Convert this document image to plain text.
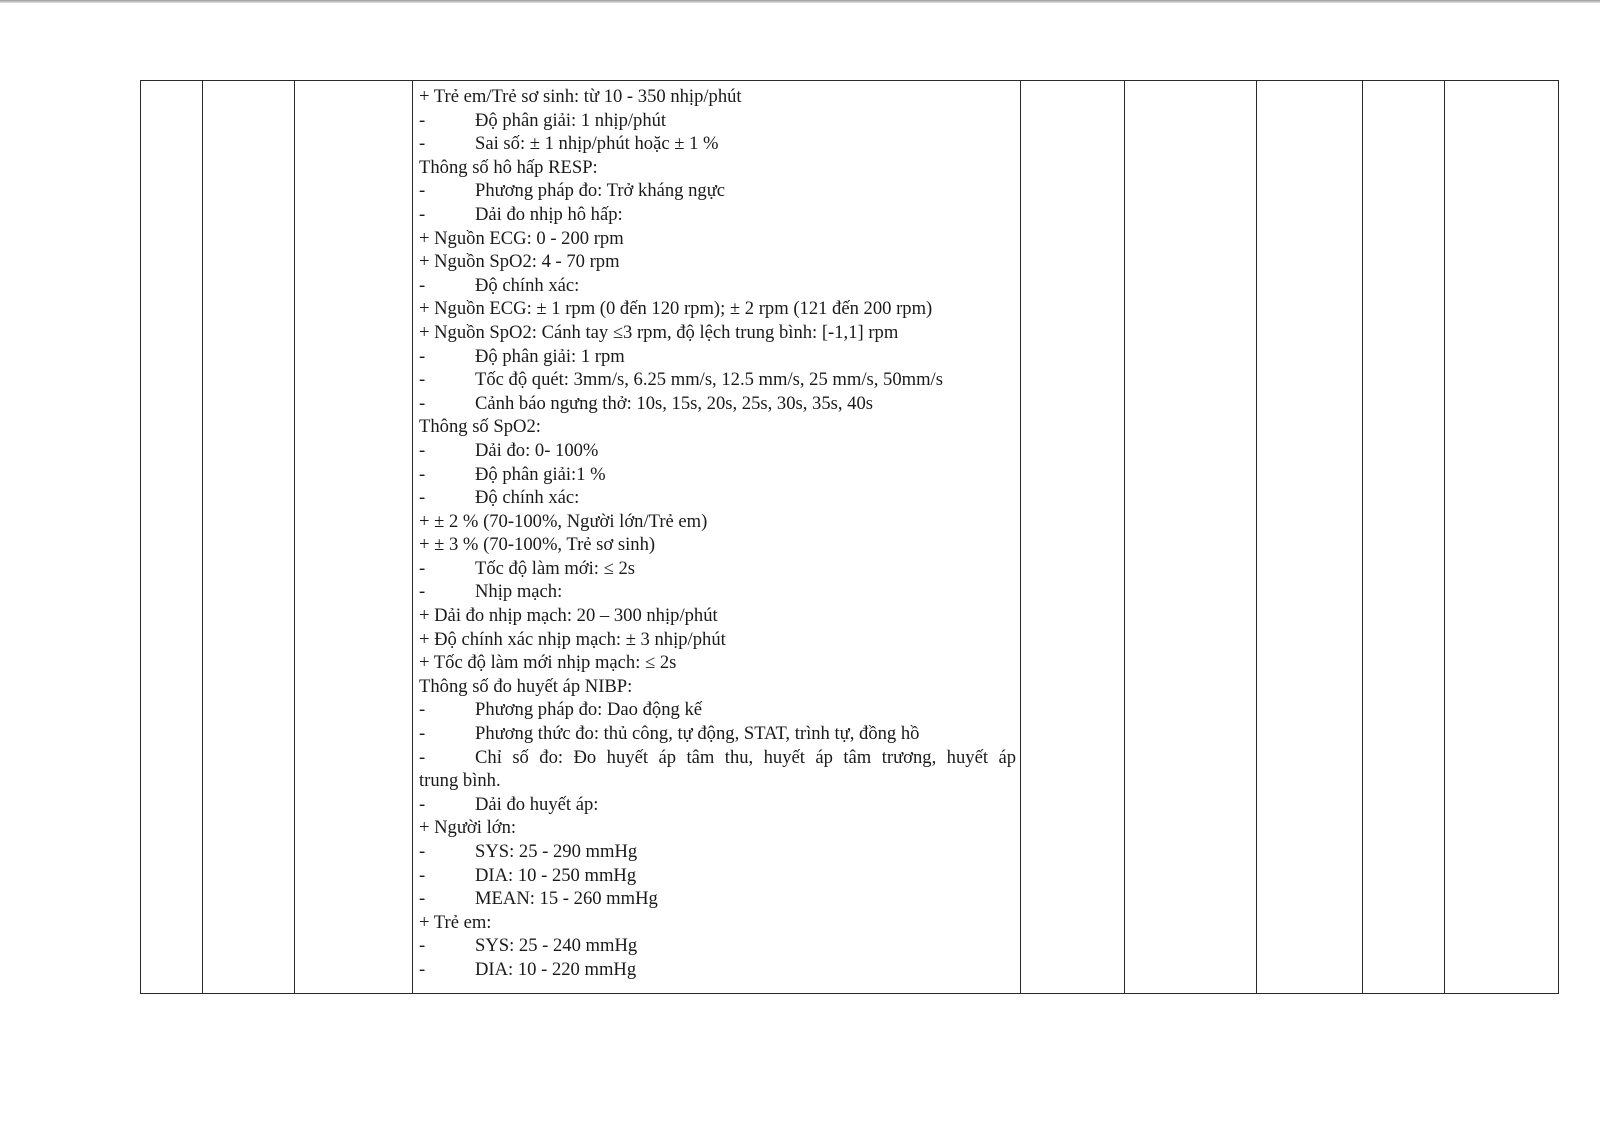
+ Trẻ em/Trẻ sơ sinh: từ 10 - 350 nhịp/phút
-	Độ phân giải: 1 nhịp/phút
-	Sai số: ± 1 nhịp/phút hoặc ± 1 %
Thông số hô hấp RESP:
-	Phương pháp đo: Trở kháng ngực
-	Dải đo nhịp hô hấp:
+ Nguồn ECG: 0 - 200 rpm
+ Nguồn SpO2: 4 - 70 rpm
-	Độ chính xác:
+ Nguồn ECG: ± 1 rpm (0 đến 120 rpm); ± 2 rpm (121 đến 200 rpm)
+ Nguồn SpO2: Cánh tay ≤3 rpm, độ lệch trung bình: [-1,1] rpm
-	Độ phân giải: 1 rpm
-	Tốc độ quét: 3mm/s, 6.25 mm/s, 12.5 mm/s, 25 mm/s, 50mm/s
-	Cảnh báo ngưng thở: 10s, 15s, 20s, 25s, 30s, 35s, 40s
Thông số SpO2:
-	Dải đo: 0- 100%
-	Độ phân giải:1 %
-	Độ chính xác:
+ ± 2 % (70-100%, Người lớn/Trẻ em)
+ ± 3 % (70-100%, Trẻ sơ sinh)
-	Tốc độ làm mới: ≤ 2s
-	Nhịp mạch:
+ Dải đo nhịp mạch: 20 – 300 nhịp/phút
+ Độ chính xác nhịp mạch: ± 3 nhịp/phút
+ Tốc độ làm mới nhịp mạch: ≤ 2s
Thông số đo huyết áp NIBP:
-	Phương pháp đo: Dao động kế
-	Phương thức đo: thủ công, tự động, STAT, trình tự, đồng hồ
-	Chỉ số đo: Đo huyết áp tâm thu, huyết áp tâm trương, huyết áp
trung bình.
-	Dải đo huyết áp:
+ Người lớn:
-	SYS: 25 - 290 mmHg
-	DIA: 10 - 250 mmHg
-	MEAN: 15 - 260 mmHg
+ Trẻ em:
-	SYS: 25 - 240 mmHg
-	DIA: 10 - 220 mmHg
